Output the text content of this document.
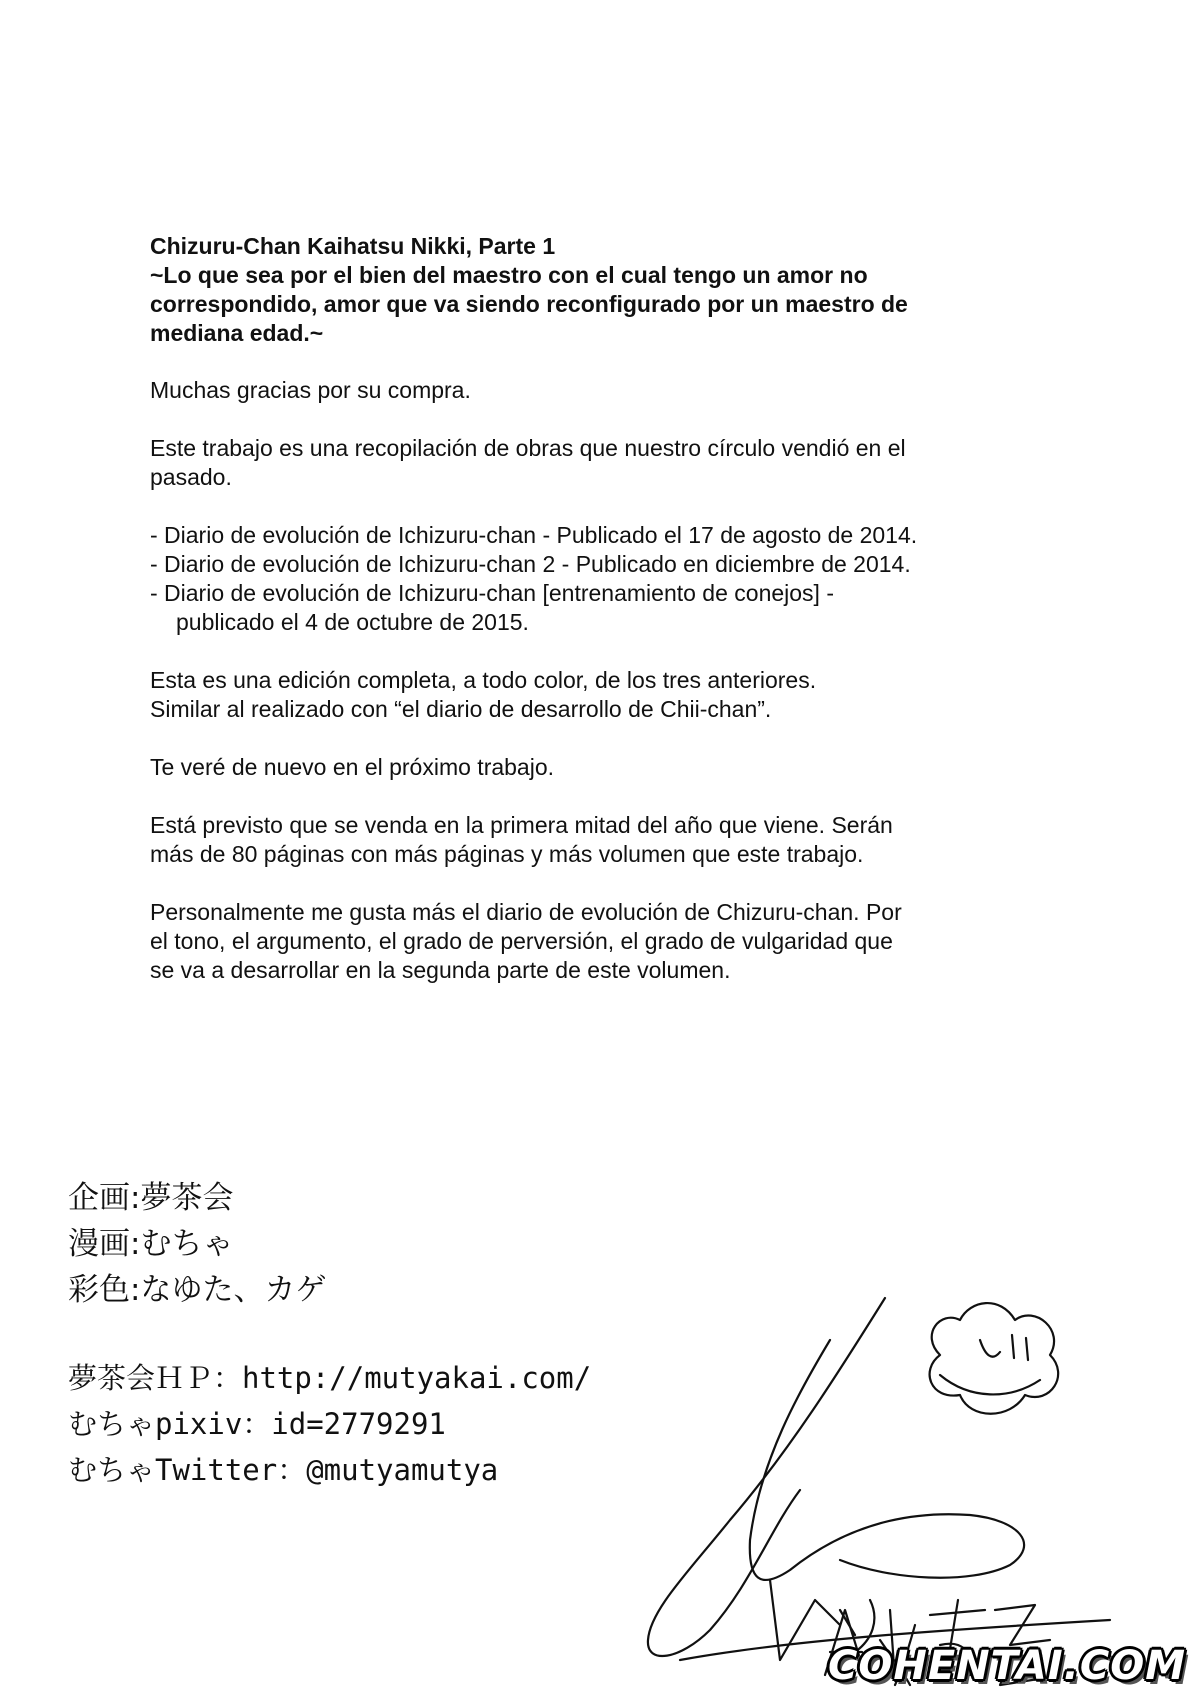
Chizuru-Chan Kaihatsu Nikki, Parte 1

~Lo que sea por el bien del maestro con el cual tengo un amor no
correspondido, amor que va siendo reconfigurado por un maestro de
mediana edad.~

Muchas gracias por su compra.

Este trabajo es una recopilación de obras que nuestro círculo vendió en el
pasado.
- Diario de evolución de Ichizuru-chan - Publicado el 17 de agosto de 2014.
- Diario de evolución de Ichizuru-chan 2 - Publicado en diciembre de 2014.
- Diario de evolución de Ichizuru-chan [entrenamiento de conejos] -
publicado el 4 de octubre de 2015.
Esta es una edición completa, a todo color, de los tres anteriores.
Similar al realizado con “el diario de desarrollo de Chii-chan”.

Te veré de nuevo en el próximo trabajo.

Está previsto que se venda en la primera mitad del año que viene. Serán
más de 80 páginas con más páginas y más volumen que este trabajo.
Personalmente me gusta más el diario de evolución de Chizuru-chan. Por
el tono, el argumento, el grado de perversión, el grado de vulgaridad que
se va a desarrollar en la segunda parte de este volumen.
企画:夢茶会
漫画:むちゃ
彩色:なゆた、カゲ
夢茶会ＨＰ：http://mutyakai.com/
むちゃpixiv：id=2779291
むちゃTwitter：@mutyamutya
COHENTAI.COM
